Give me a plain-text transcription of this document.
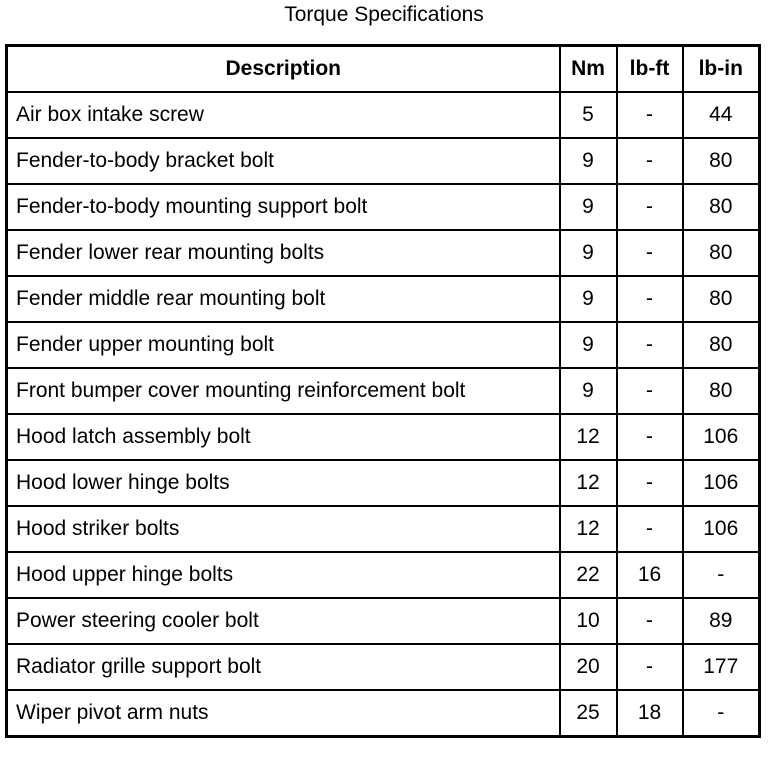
Torque Specifications
Description	Nm	lb-ft	lb-in
Air box intake screw	5	-	44
Fender-to-body bracket bolt	9	-	80
Fender-to-body mounting support bolt	9	-	80
Fender lower rear mounting bolts	9	-	80
Fender middle rear mounting bolt	9	-	80
Fender upper mounting bolt	9	-	80
Front bumper cover mounting reinforcement bolt	9	-	80
Hood latch assembly bolt	12	-	106
Hood lower hinge bolts	12	-	106
Hood striker bolts	12	-	106
Hood upper hinge bolts	22	16	-
Power steering cooler bolt	10	-	89
Radiator grille support bolt	20	-	177
Wiper pivot arm nuts	25	18	-
